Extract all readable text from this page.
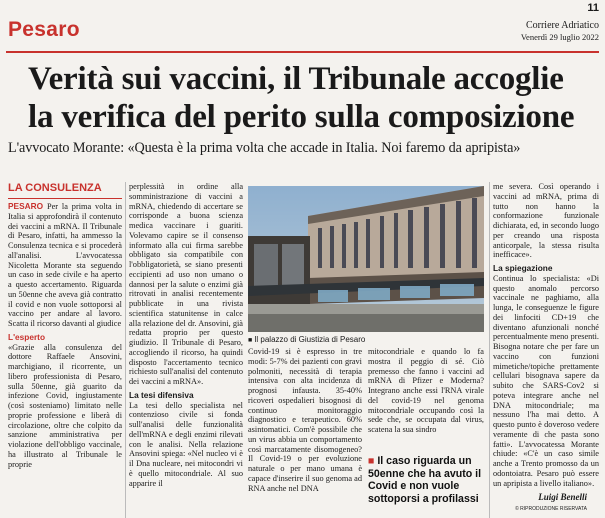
Pesaro
11
Corriere Adriatico
Venerdì 29 luglio 2022
Verità sui vaccini, il Tribunale accoglie
la verifica del perito sulla composizione
L'avvocato Morante: «Questa è la prima volta che accade in Italia. Noi faremo da apripista»
LA CONSULENZA

PESARO Per la prima volta in Italia si approfondirà il contenuto dei vaccini a mRNA. Il Tribunale di Pesaro, infatti, ha ammesso la Consulenza tecnica e si procederà all'analisi. L'avvocatessa Nicoletta Morante sta seguendo un caso in sede civile e ha aperto a questo accertamento. Riguarda un 50enne che aveva già contratto il covid e non vuole sottoporsi al vaccino per andare al lavoro. Scatta il ricorso davanti al giudice

L'esperto

«Grazie alla consulenza del dottore Raffaele Ansovini, marchigiano, il ricorrente, un libero professionista di Pesaro, sulla 50enne, già guarito da infezione Covid, ingiustamente (così sosteniamo) limitato nelle proprie professione e liberà di circolazione, oltre che colpito da sanzione amministrativa per violazione dell'obbligo vaccinale, ha illustrato al Tribunale le proprie

perplessità in ordine alla somministrazione di vaccini a mRNA, chiedendo di accertare se corrisponde a buona scienza medica vaccinare i guariti. Volevamo capire se il consenso informato alla cui firma sarebbe obbligato sia compatibile con l'obbligatorietà, se siano presenti eccipienti ad uso non umano o dannosi per la salute o enzimi già ritrovati in analisi recentemente pubblicate in una rivista scientifica statunitense in calce alla relazione del dr. Ansovini, già redatta proprio per questo giudizio. Il Tribunale di Pesaro, accogliendo il ricorso, ha quindi disposto l'accertamento tecnico richiesto sull'analisi del contenuto dei vaccini a mRNA».

La tesi difensiva

La tesi dello specialista nel contenzioso civile si fonda sull'analisi delle funzionalità dell'mRNA e degli enzimi rilevati con le analisi. Nella relazione Ansovini spiega: «Nel nucleo vi è il Dna nucleare, nei mitocondri vi è quello mitocondriale. Al suo apparire il

■ Il palazzo di Giustizia di Pesaro

Covid-19 si è espresso in tre modi: 5-7% dei pazienti con gravi polmoniti, necessità di terapia intensiva con alta incidenza di prognosi infausta. 35-40% ricoveri ospedalieri bisognosi di continuo monitoraggio diagnostico e terapeutico. 60% asintomatici. Com'è possibile che un virus abbia un comportamento così marcatamente disomogeneo? Il Covid-19 o per evoluzione naturale o per mano umana è capace d'inserire il suo genoma ad RNA anche nel DNA

mitocondriale e quando lo fa mostra il peggio di sé. Ciò premesso che fanno i vaccini ad mRNA di Pfizer e Moderna? Integrano anche essi l'RNA virale del covid-19 nel genoma mitocondriale occupando così la sede che, se occupata dal virus, scatena la sua sindro

■ Il caso riguarda un 50enne che ha avuto il Covid e non vuole sottoporsi a profilassi

me severa. Così operando i vaccini ad mRNA, prima di tutto non hanno la conformazione funzionale dichiarata, ed, in secondo luogo per creando una risposta anticorpale, la stessa risulta inefficace».

La spiegazione

Continua lo specialista: «Di questo anomalo percorso vaccinale ne paghiamo, alla lunga, le conseguenze le figure dei linfociti CD+19 che diventano afunzionali nonché percentualmente meno presenti. Bisogna notare che per fare un vaccino con funzioni mimetiche/topiche prettamente cellulari bisognava sapere da subito che SARS-Cov2 si poteva integrare anche nel DNA mitocondriale; ma nessuno l'ha mai detto. A questo punto è doveroso vedere veramente di che pasta sono fatti». L'avvocatessa Morante chiude: «C'è un caso simile anche a Trento promosso da un odontoiatra. Pesaro può essere un apripista a livello italiano».

Luigi Benelli
© RIPRODUZIONE RISERVATA
